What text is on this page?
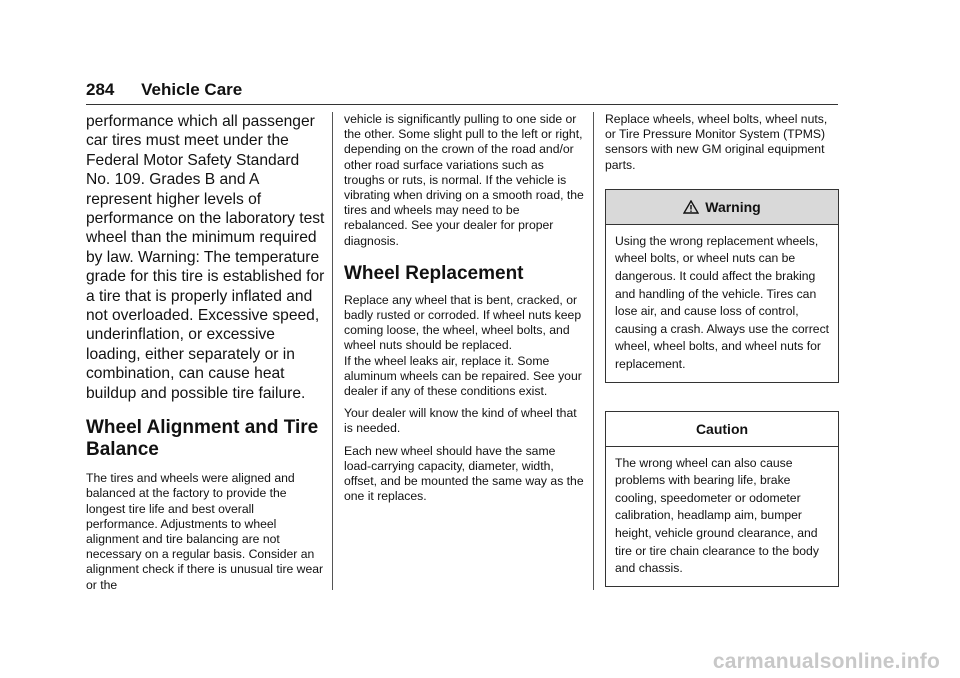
284 Vehicle Care

performance which all passenger car tires must meet under the Federal Motor Safety Standard No. 109. Grades B and A represent higher levels of performance on the laboratory test wheel than the minimum required by law. Warning: The temperature grade for this tire is established for a tire that is properly inflated and not overloaded. Excessive speed, underinflation, or excessive loading, either separately or in combination, can cause heat buildup and possible tire failure.

Wheel Alignment and Tire Balance

The tires and wheels were aligned and balanced at the factory to provide the longest tire life and best overall performance. Adjustments to wheel alignment and tire balancing are not necessary on a regular basis. Consider an alignment check if there is unusual tire wear or the

vehicle is significantly pulling to one side or the other. Some slight pull to the left or right, depending on the crown of the road and/or other road surface variations such as troughs or ruts, is normal. If the vehicle is vibrating when driving on a smooth road, the tires and wheels may need to be rebalanced. See your dealer for proper diagnosis.

Wheel Replacement

Replace any wheel that is bent, cracked, or badly rusted or corroded. If wheel nuts keep coming loose, the wheel, wheel bolts, and wheel nuts should be replaced.

If the wheel leaks air, replace it. Some aluminum wheels can be repaired. See your dealer if any of these conditions exist.

Your dealer will know the kind of wheel that is needed.

Each new wheel should have the same load-carrying capacity, diameter, width, offset, and be mounted the same way as the one it replaces.

Replace wheels, wheel bolts, wheel nuts, or Tire Pressure Monitor System (TPMS) sensors with new GM original equipment parts.

Warning

Using the wrong replacement wheels, wheel bolts, or wheel nuts can be dangerous. It could affect the braking and handling of the vehicle. Tires can lose air, and cause loss of control, causing a crash. Always use the correct wheel, wheel bolts, and wheel nuts for replacement.

Caution

The wrong wheel can also cause problems with bearing life, brake cooling, speedometer or odometer calibration, headlamp aim, bumper height, vehicle ground clearance, and tire or tire chain clearance to the body and chassis.

carmanualsonline.info
